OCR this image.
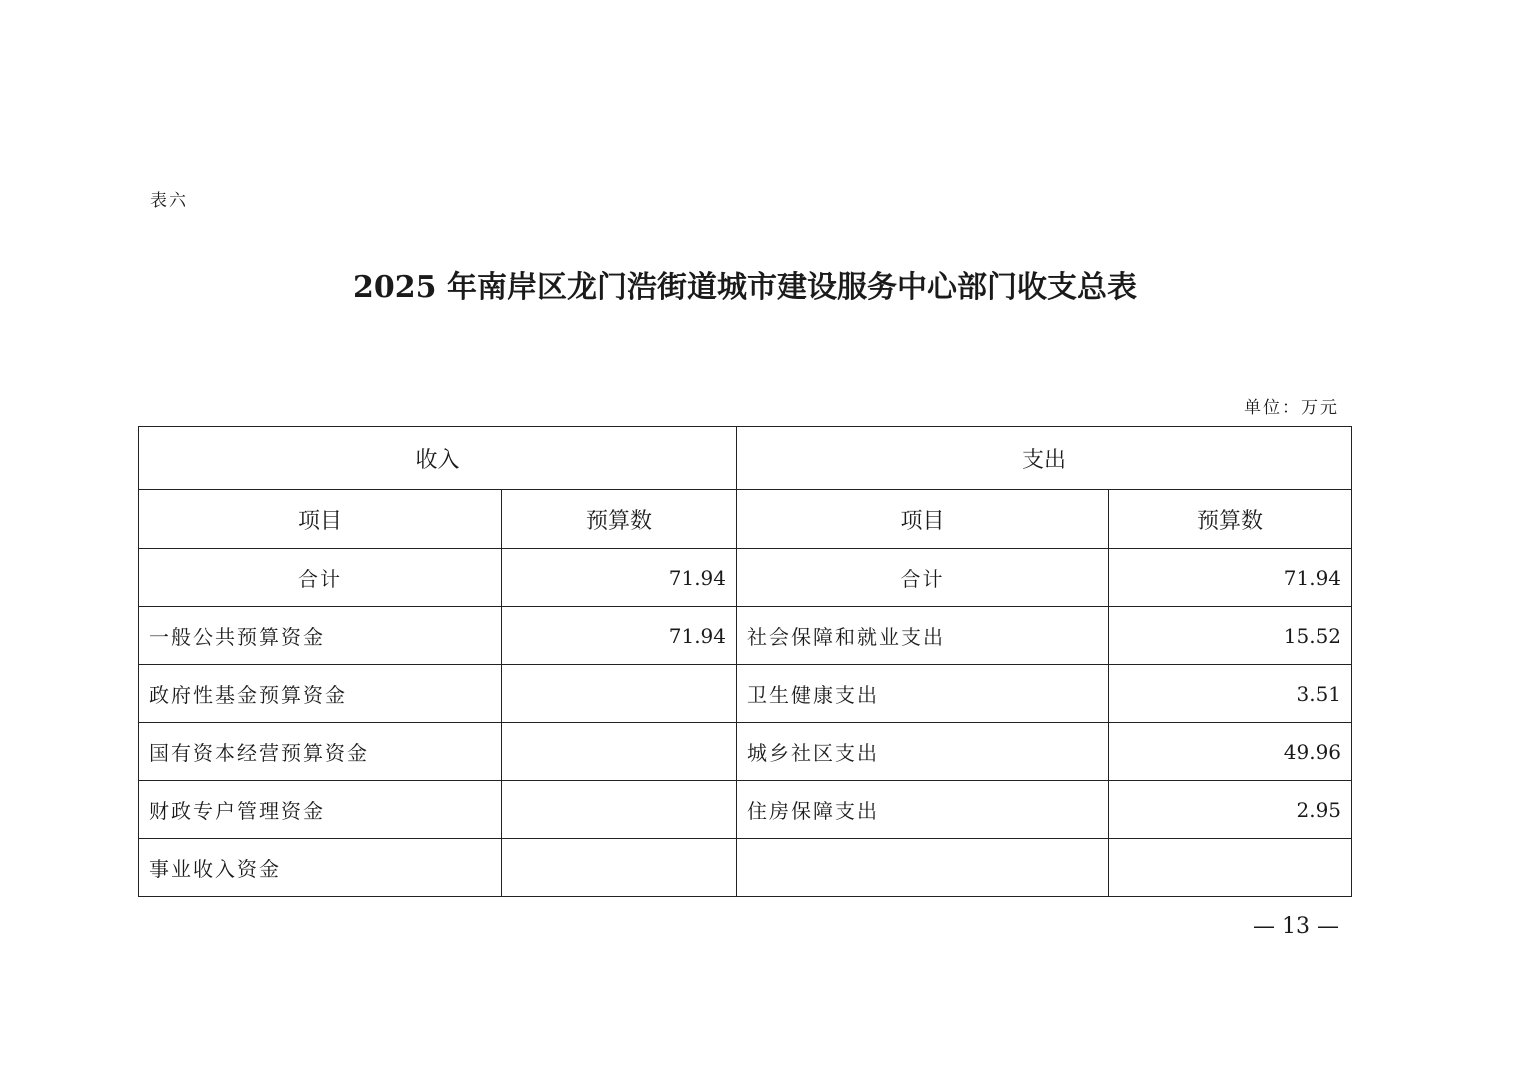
表六
2025 年南岸区龙门浩街道城市建设服务中心部门收支总表
单位：万元
收入		支出	
项目	预算数	项目	预算数
合计	71.94	合计	71.94
一般公共预算资金	71.94	社会保障和就业支出	15.52
政府性基金预算资金		卫生健康支出	3.51
国有资本经营预算资金		城乡社区支出	49.96
财政专户管理资金		住房保障支出	2.95
事业收入资金			
— 13 —
